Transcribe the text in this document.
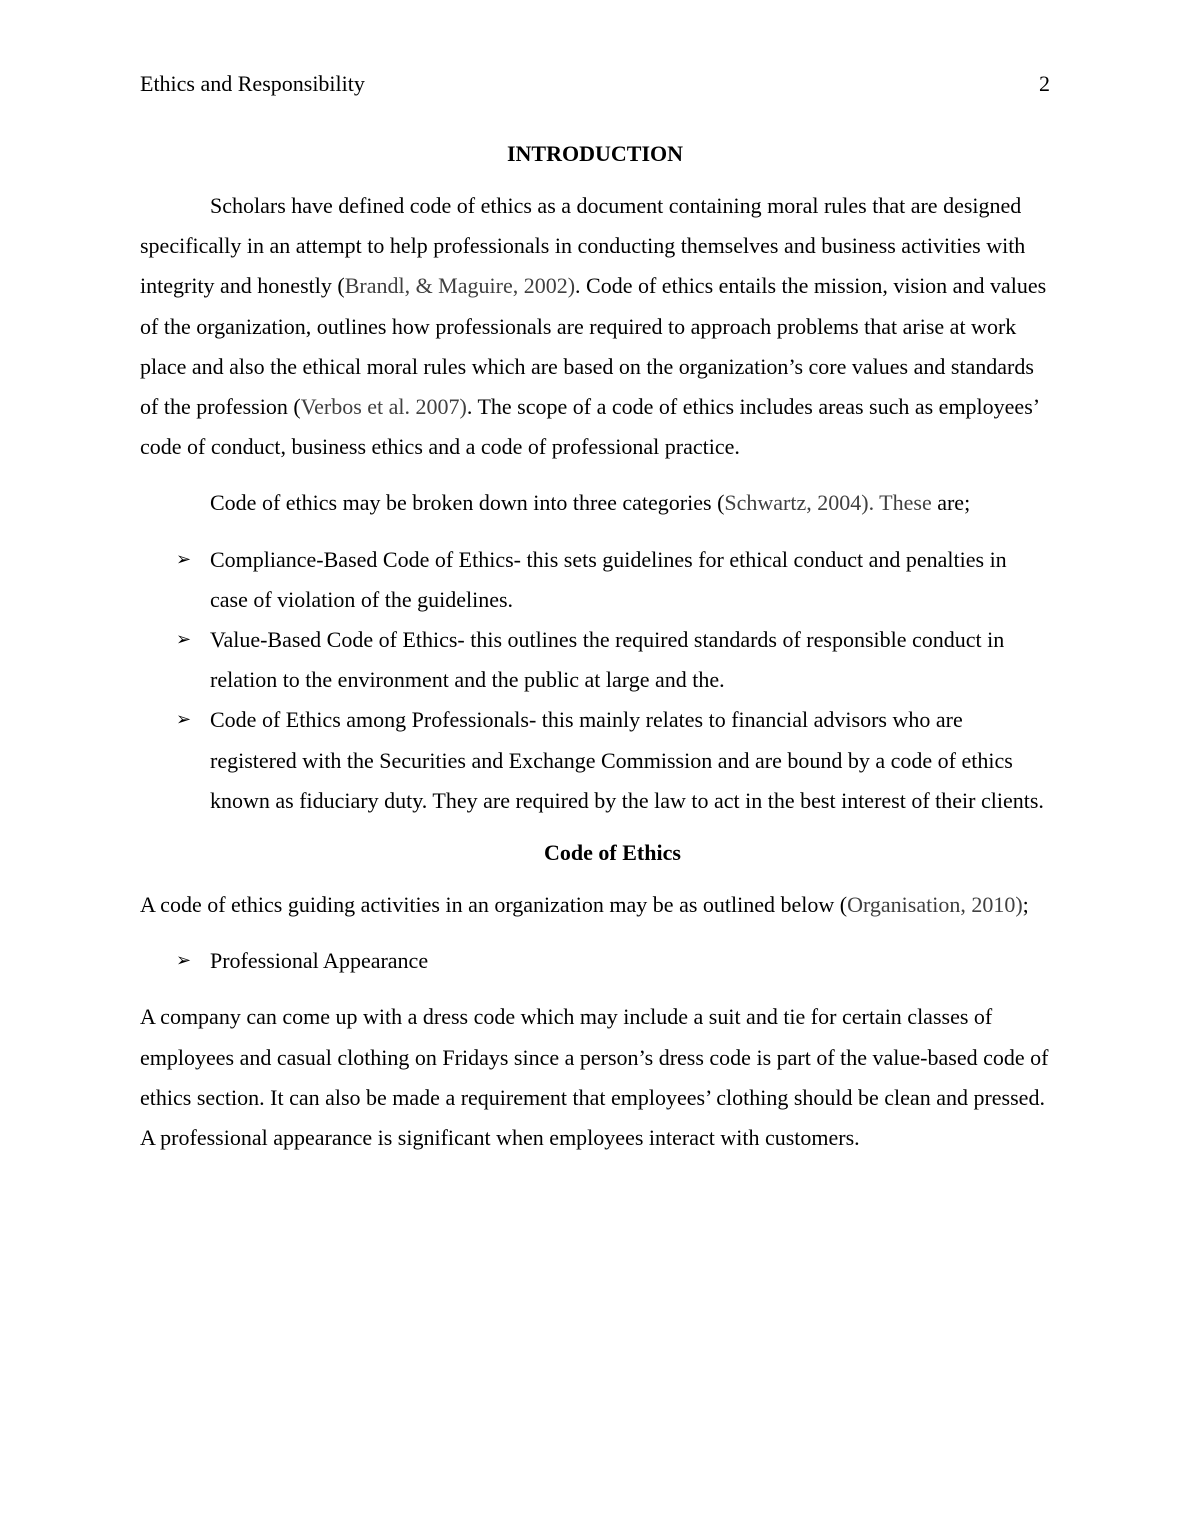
Ethics and Responsibility	2
INTRODUCTION

Scholars have defined code of ethics as a document containing moral rules that are designed specifically in an attempt to help professionals in conducting themselves and business activities with integrity and honestly (Brandl, & Maguire, 2002). Code of ethics entails the mission, vision and values of the organization, outlines how professionals are required to approach problems that arise at work place and also the ethical moral rules which are based on the organization’s core values and standards of the profession (Verbos et al. 2007). The scope of a code of ethics includes areas such as employees’ code of conduct, business ethics and a code of professional practice.

Code of ethics may be broken down into three categories (Schwartz, 2004). These are;

➢ Compliance-Based Code of Ethics- this sets guidelines for ethical conduct and penalties in case of violation of the guidelines.
➢ Value-Based Code of Ethics- this outlines the required standards of responsible conduct in relation to the environment and the public at large and the.
➢ Code of Ethics among Professionals- this mainly relates to financial advisors who are registered with the Securities and Exchange Commission and are bound by a code of ethics known as fiduciary duty. They are required by the law to act in the best interest of their clients.
Code of Ethics

A code of ethics guiding activities in an organization may be as outlined below (Organisation, 2010);

➢ Professional Appearance

A company can come up with a dress code which may include a suit and tie for certain classes of employees and casual clothing on Fridays since a person’s dress code is part of the value-based code of ethics section. It can also be made a requirement that employees’ clothing should be clean and pressed. A professional appearance is significant when employees interact with customers.
